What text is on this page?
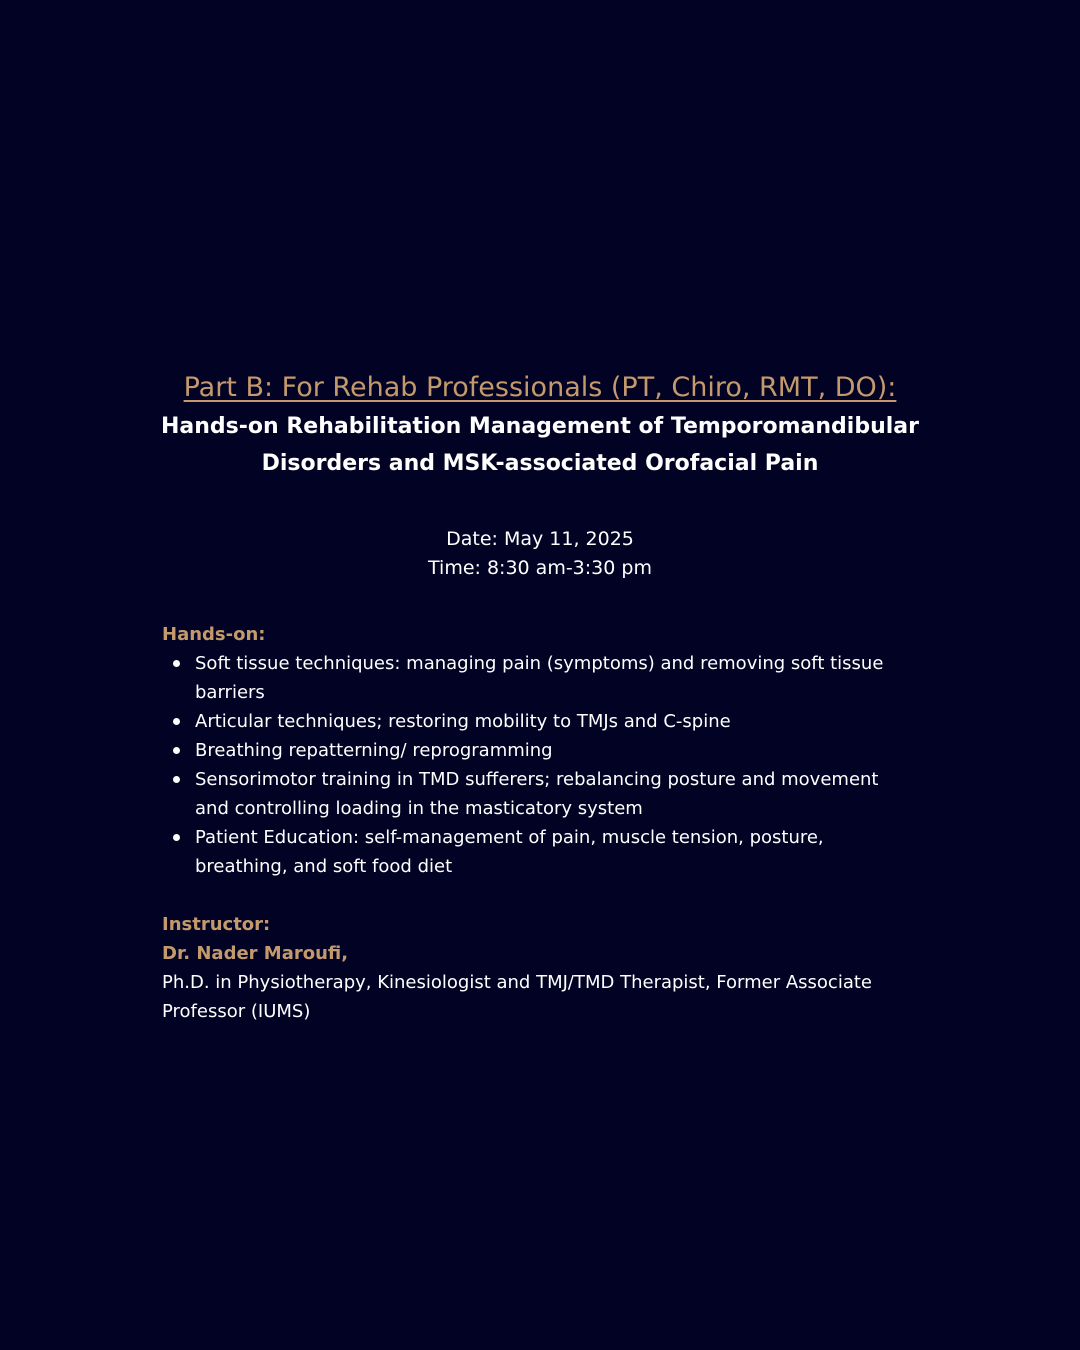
Part B: For Rehab Professionals (PT, Chiro, RMT, DO):
Hands-on Rehabilitation Management of Temporomandibular
Disorders and MSK-associated Orofacial Pain
Date: May 11, 2025
Time: 8:30 am-3:30 pm
Hands-on:
Soft tissue techniques: managing pain (symptoms) and removing soft tissue
barriers
Articular techniques; restoring mobility to TMJs and C-spine
Breathing repatterning/ reprogramming
Sensorimotor training in TMD sufferers; rebalancing posture and movement
and controlling loading in the masticatory system
Patient Education: self-management of pain, muscle tension, posture,
breathing, and soft food diet
Instructor:
Dr. Nader Maroufi,
Ph.D. in Physiotherapy, Kinesiologist and TMJ/TMD Therapist, Former Associate
Professor (IUMS)
